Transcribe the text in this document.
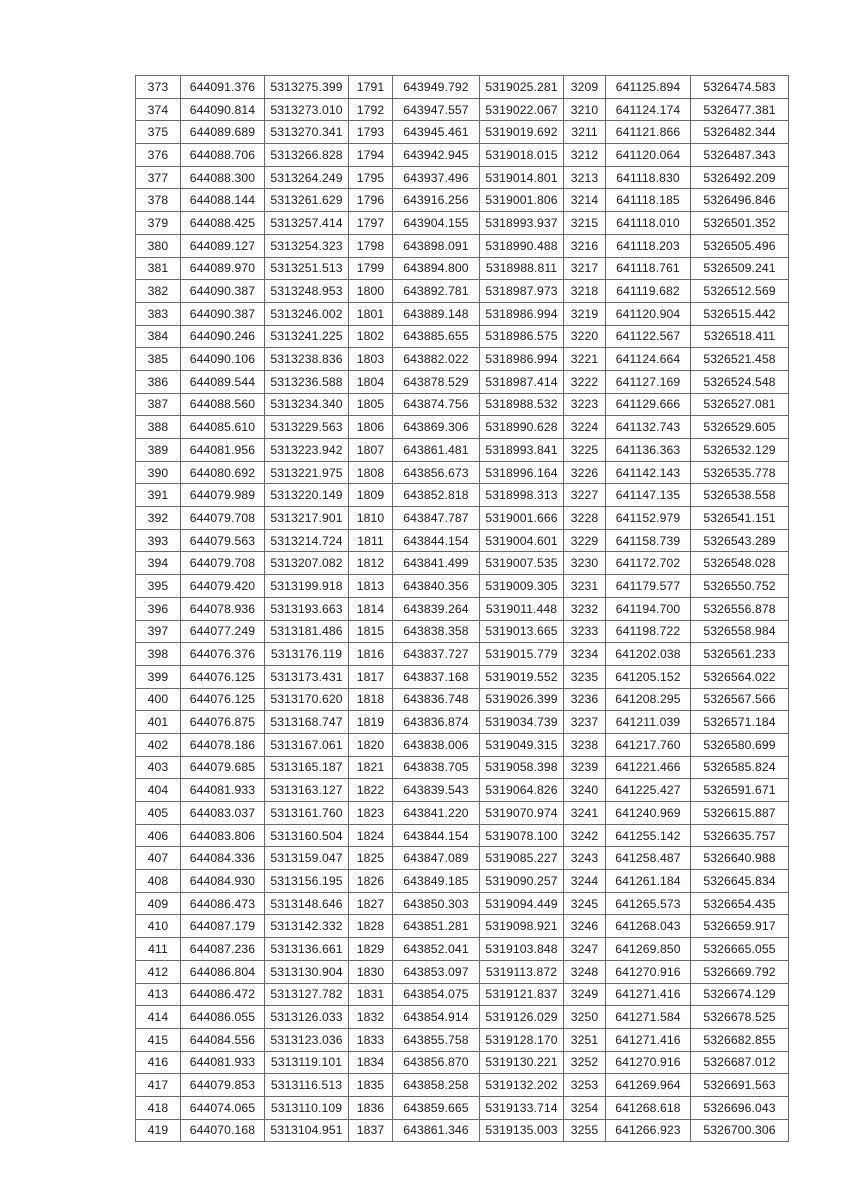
373	644091.376	5313275.399	1791	643949.792	5319025.281	3209	641125.894	5326474.583
374	644090.814	5313273.010	1792	643947.557	5319022.067	3210	641124.174	5326477.381
375	644089.689	5313270.341	1793	643945.461	5319019.692	3211	641121.866	5326482.344
376	644088.706	5313266.828	1794	643942.945	5319018.015	3212	641120.064	5326487.343
377	644088.300	5313264.249	1795	643937.496	5319014.801	3213	641118.830	5326492.209
378	644088.144	5313261.629	1796	643916.256	5319001.806	3214	641118.185	5326496.846
379	644088.425	5313257.414	1797	643904.155	5318993.937	3215	641118.010	5326501.352
380	644089.127	5313254.323	1798	643898.091	5318990.488	3216	641118.203	5326505.496
381	644089.970	5313251.513	1799	643894.800	5318988.811	3217	641118.761	5326509.241
382	644090.387	5313248.953	1800	643892.781	5318987.973	3218	641119.682	5326512.569
383	644090.387	5313246.002	1801	643889.148	5318986.994	3219	641120.904	5326515.442
384	644090.246	5313241.225	1802	643885.655	5318986.575	3220	641122.567	5326518.411
385	644090.106	5313238.836	1803	643882.022	5318986.994	3221	641124.664	5326521.458
386	644089.544	5313236.588	1804	643878.529	5318987.414	3222	641127.169	5326524.548
387	644088.560	5313234.340	1805	643874.756	5318988.532	3223	641129.666	5326527.081
388	644085.610	5313229.563	1806	643869.306	5318990.628	3224	641132.743	5326529.605
389	644081.956	5313223.942	1807	643861.481	5318993.841	3225	641136.363	5326532.129
390	644080.692	5313221.975	1808	643856.673	5318996.164	3226	641142.143	5326535.778
391	644079.989	5313220.149	1809	643852.818	5318998.313	3227	641147.135	5326538.558
392	644079.708	5313217.901	1810	643847.787	5319001.666	3228	641152.979	5326541.151
393	644079.563	5313214.724	1811	643844.154	5319004.601	3229	641158.739	5326543.289
394	644079.708	5313207.082	1812	643841.499	5319007.535	3230	641172.702	5326548.028
395	644079.420	5313199.918	1813	643840.356	5319009.305	3231	641179.577	5326550.752
396	644078.936	5313193.663	1814	643839.264	5319011.448	3232	641194.700	5326556.878
397	644077.249	5313181.486	1815	643838.358	5319013.665	3233	641198.722	5326558.984
398	644076.376	5313176.119	1816	643837.727	5319015.779	3234	641202.038	5326561.233
399	644076.125	5313173.431	1817	643837.168	5319019.552	3235	641205.152	5326564.022
400	644076.125	5313170.620	1818	643836.748	5319026.399	3236	641208.295	5326567.566
401	644076.875	5313168.747	1819	643836.874	5319034.739	3237	641211.039	5326571.184
402	644078.186	5313167.061	1820	643838.006	5319049.315	3238	641217.760	5326580.699
403	644079.685	5313165.187	1821	643838.705	5319058.398	3239	641221.466	5326585.824
404	644081.933	5313163.127	1822	643839.543	5319064.826	3240	641225.427	5326591.671
405	644083.037	5313161.760	1823	643841.220	5319070.974	3241	641240.969	5326615.887
406	644083.806	5313160.504	1824	643844.154	5319078.100	3242	641255.142	5326635.757
407	644084.336	5313159.047	1825	643847.089	5319085.227	3243	641258.487	5326640.988
408	644084.930	5313156.195	1826	643849.185	5319090.257	3244	641261.184	5326645.834
409	644086.473	5313148.646	1827	643850.303	5319094.449	3245	641265.573	5326654.435
410	644087.179	5313142.332	1828	643851.281	5319098.921	3246	641268.043	5326659.917
411	644087.236	5313136.661	1829	643852.041	5319103.848	3247	641269.850	5326665.055
412	644086.804	5313130.904	1830	643853.097	5319113.872	3248	641270.916	5326669.792
413	644086.472	5313127.782	1831	643854.075	5319121.837	3249	641271.416	5326674.129
414	644086.055	5313126.033	1832	643854.914	5319126.029	3250	641271.584	5326678.525
415	644084.556	5313123.036	1833	643855.758	5319128.170	3251	641271.416	5326682.855
416	644081.933	5313119.101	1834	643856.870	5319130.221	3252	641270.916	5326687.012
417	644079.853	5313116.513	1835	643858.258	5319132.202	3253	641269.964	5326691.563
418	644074.065	5313110.109	1836	643859.665	5319133.714	3254	641268.618	5326696.043
419	644070.168	5313104.951	1837	643861.346	5319135.003	3255	641266.923	5326700.306
